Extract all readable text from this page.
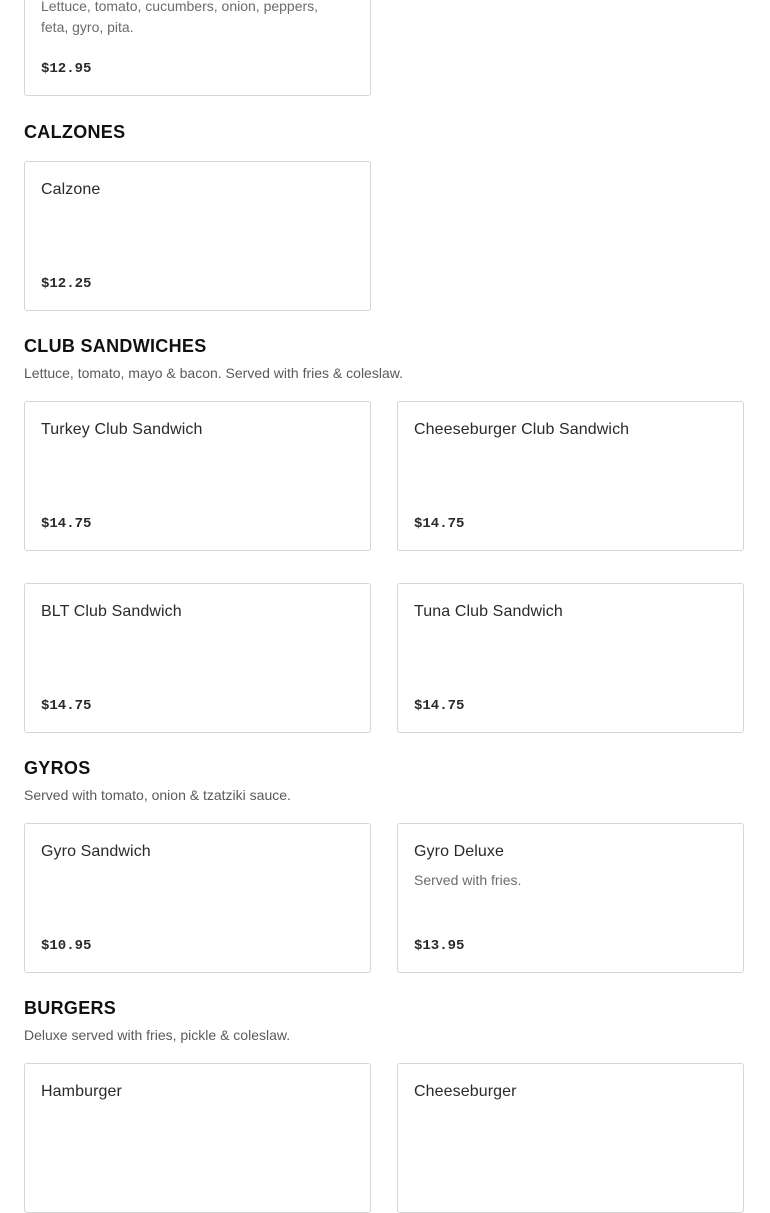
Lettuce, tomato, cucumbers, onion, peppers, feta, gyro, pita.
$12.95
CALZONES
Calzone
$12.25
CLUB SANDWICHES

Lettuce, tomato, mayo & bacon. Served with fries & coleslaw.

Turkey Club Sandwich
$14.75
Cheeseburger Club Sandwich
$14.75
BLT Club Sandwich
$14.75
Tuna Club Sandwich
$14.75
GYROS

Served with tomato, onion & tzatziki sauce.

Gyro Sandwich
$10.95
Gyro Deluxe
Served with fries.
$13.95
BURGERS

Deluxe served with fries, pickle & coleslaw.

Hamburger	Cheeseburger
